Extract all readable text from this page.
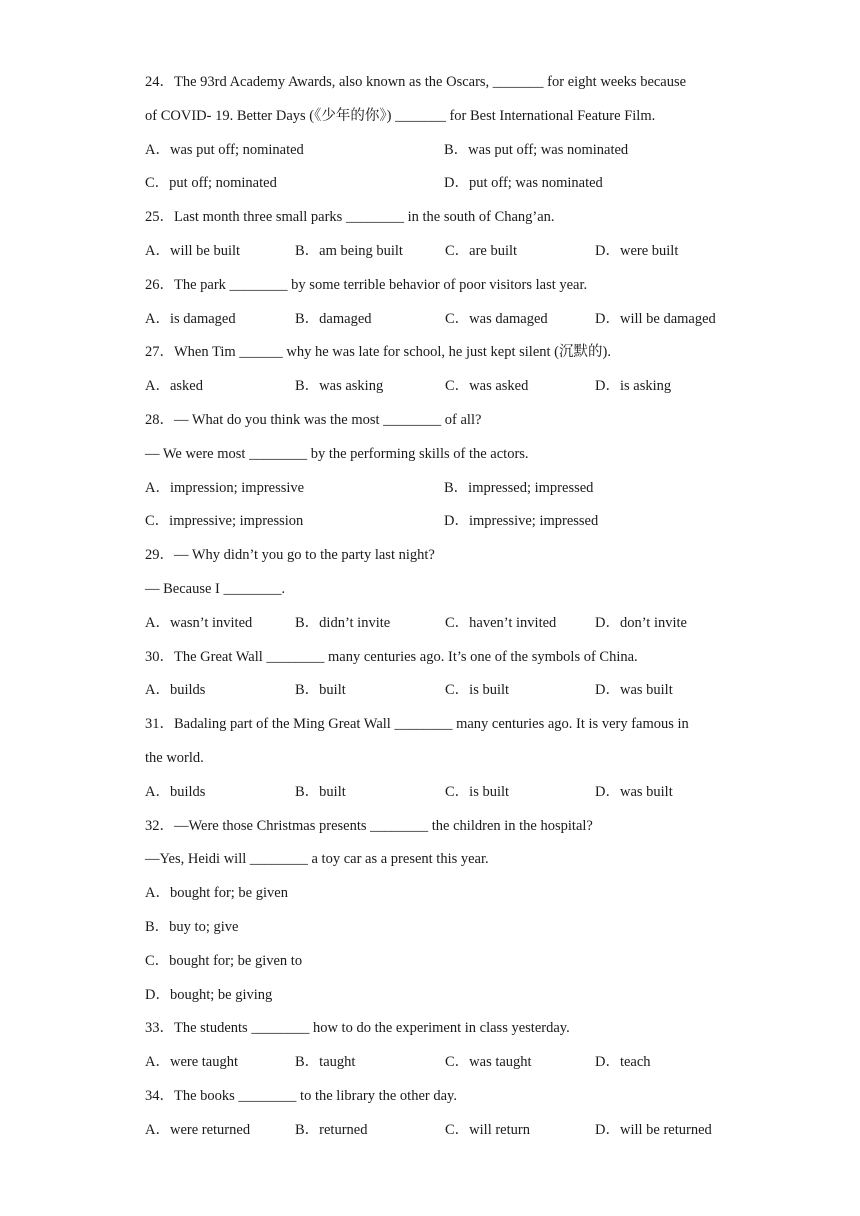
24．The 93rd Academy Awards, also known as the Oscars, _______ for eight weeks because
of COVID- 19. Better Days (《少年的你》) _______ for Best International Feature Film.
A．was put off; nominated	B．was put off; was nominated
C．put off; nominated	D．put off; was nominated
25．Last month three small parks ________ in the south of Chang’an.
A．will be built	B．am being built	C．are built	D．were built
26．The park ________ by some terrible behavior of poor visitors last year.
A．is damaged	B．damaged	C．was damaged	D．will be damaged
27．When Tim ______ why he was late for school, he just kept silent (沉默的).
A．asked	B．was asking	C．was asked	D．is asking
28．— What do you think was the most ________ of all?
— We were most ________ by the performing skills of the actors.
A．impression; impressive	B．impressed; impressed
C．impressive; impression	D．impressive; impressed
29．— Why didn’t you go to the party last night?
— Because I ________.
A．wasn’t invited	B．didn’t invite	C．haven’t invited	D．don’t invite
30．The Great Wall ________ many centuries ago. It’s one of the symbols of China.
A．builds	B．built	C．is built	D．was built
31．Badaling part of the Ming Great Wall ________ many centuries ago. It is very famous in
the world.
A．builds	B．built	C．is built	D．was built
32．—Were those Christmas presents ________ the children in the hospital?
—Yes, Heidi will ________ a toy car as a present this year.
A．bought for; be given
B．buy to; give
C．bought for; be given to
D．bought; be giving
33．The students ________ how to do the experiment in class yesterday.
A．were taught	B．taught	C．was taught	D．teach
34．The books ________ to the library the other day.
A．were returned	B．returned	C．will return	D．will be returned
